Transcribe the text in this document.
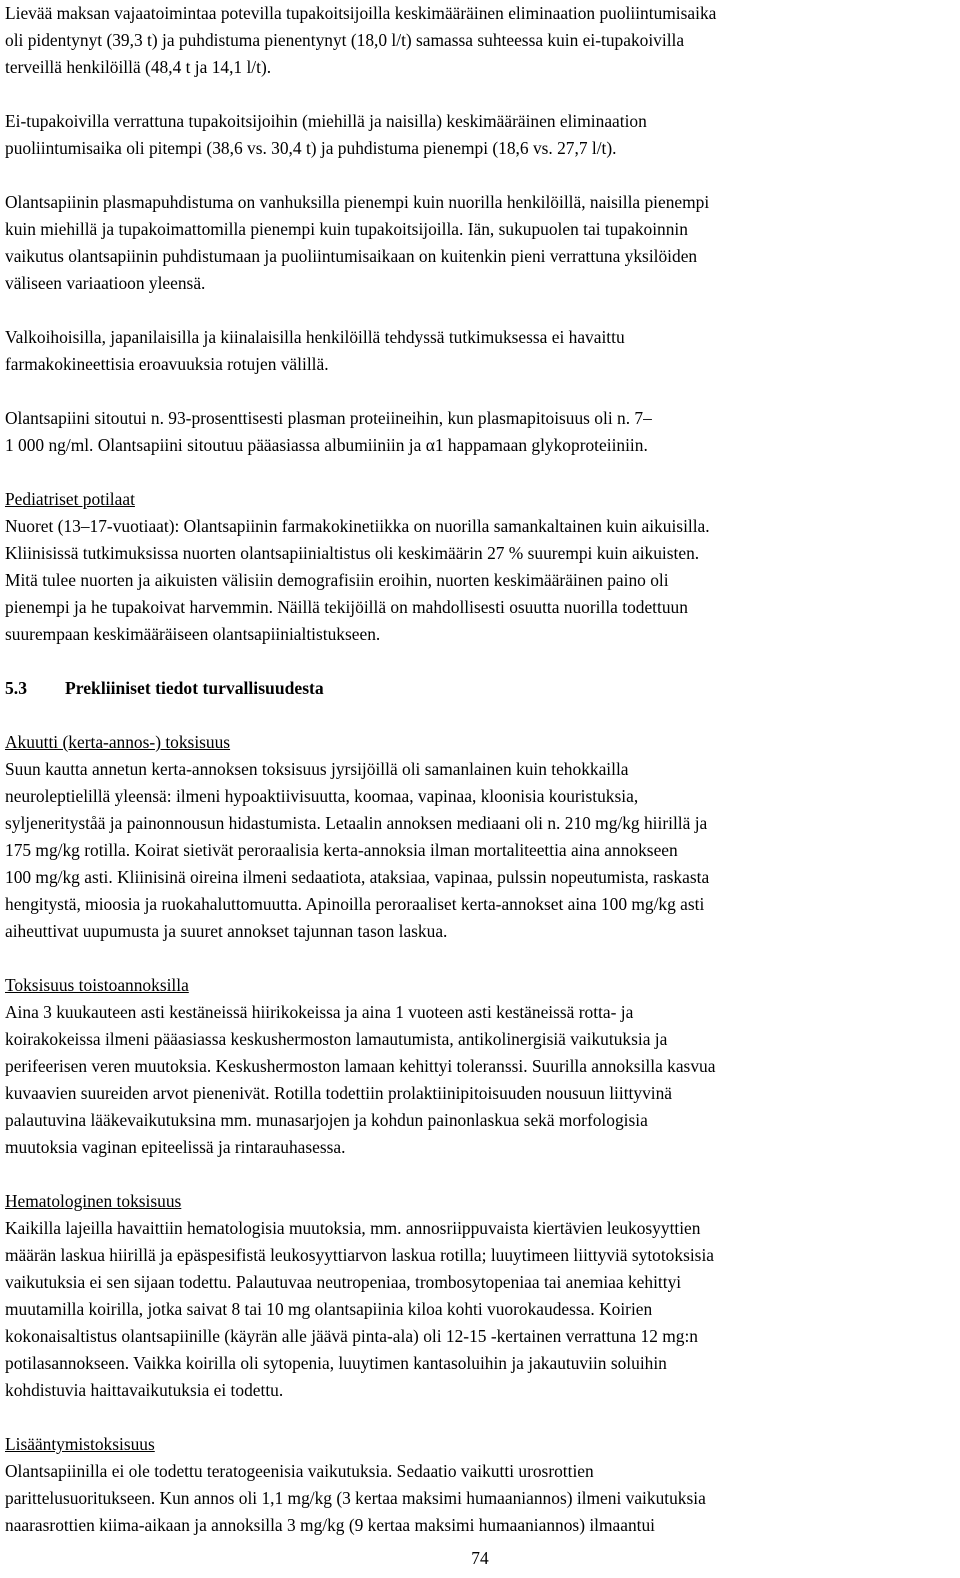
Lievää maksan vajaatoimintaa potevilla tupakoitsijoilla keskimääräinen eliminaation puoliintumisaika
oli pidentynyt (39,3 t) ja puhdistuma pienentynyt (18,0 l/t) samassa suhteessa kuin ei-tupakoivilla
terveillä henkilöillä (48,4 t ja 14,1 l/t).
Ei-tupakoivilla verrattuna tupakoitsijoihin (miehillä ja naisilla) keskimääräinen eliminaation
puoliintumisaika oli pitempi (38,6 vs. 30,4 t) ja puhdistuma pienempi (18,6 vs. 27,7 l/t).
Olantsapiinin plasmapuhdistuma on vanhuksilla pienempi kuin nuorilla henkilöillä, naisilla pienempi
kuin miehillä ja tupakoimattomilla pienempi kuin tupakoitsijoilla. Iän, sukupuolen tai tupakoinnin
vaikutus olantsapiinin puhdistumaan ja puoliintumisaikaan on kuitenkin pieni verrattuna yksilöiden
väliseen variaatioon yleensä.
Valkoihoisilla, japanilaisilla ja kiinalaisilla henkilöillä tehdyssä tutkimuksessa ei havaittu
farmakokineettisia eroavuuksia rotujen välillä.
Olantsapiini sitoutui n. 93-prosenttisesti plasman proteiineihin, kun plasmapitoisuus oli n. 7–
1 000 ng/ml. Olantsapiini sitoutuu pääasiassa albumiiniin ja α1 happamaan glykoproteiiniin.
Pediatriset potilaat
Nuoret (13–17-vuotiaat): Olantsapiinin farmakokinetiikka on nuorilla samankaltainen kuin aikuisilla.
Kliinisissä tutkimuksissa nuorten olantsapiinialtistus oli keskimäärin 27 % suurempi kuin aikuisten.
Mitä tulee nuorten ja aikuisten välisiin demografisiin eroihin, nuorten keskimääräinen paino oli
pienempi ja he tupakoivat harvemmin. Näillä tekijöillä on mahdollisesti osuutta nuorilla todettuun
suurempaan keskimääräiseen olantsapiinialtistukseen.
5.3 Prekliiniset tiedot turvallisuudesta
Akuutti (kerta-annos-) toksisuus
Suun kautta annetun kerta-annoksen toksisuus jyrsijöillä oli samanlainen kuin tehokkailla
neuroleptielillä yleensä: ilmeni hypoaktiivisuutta, koomaa, vapinaa, kloonisia kouristuksia,
syljenerityståä ja painonnousun hidastumista. Letaalin annoksen mediaani oli n. 210 mg/kg hiirillä ja
175 mg/kg rotilla. Koirat sietivät peroraalisia kerta-annoksia ilman mortaliteettia aina annokseen
100 mg/kg asti. Kliinisinä oireina ilmeni sedaatiota, ataksiaa, vapinaa, pulssin nopeutumista, raskasta
hengitystä, mioosia ja ruokahaluttomuutta. Apinoilla peroraaliset kerta-annokset aina 100 mg/kg asti
aiheuttivat uupumusta ja suuret annokset tajunnan tason laskua.
Toksisuus toistoannoksilla
Aina 3 kuukauteen asti kestäneissä hiirikokeissa ja aina 1 vuoteen asti kestäneissä rotta- ja
koirakokeissa ilmeni pääasiassa keskushermoston lamautumista, antikolinergisiä vaikutuksia ja
perifeerisen veren muutoksia. Keskushermoston lamaan kehittyi toleranssi. Suurilla annoksilla kasvua
kuvaavien suureiden arvot pienenivät. Rotilla todettiin prolaktiinipitoisuuden nousuun liittyvinä
palautuvina lääkevaikutuksina mm. munasarjojen ja kohdun painonlaskua sekä morfologisia
muutoksia vaginan epiteelissä ja rintarauhasessa.
Hematologinen toksisuus
Kaikilla lajeilla havaittiin hematologisia muutoksia, mm. annosriippuvaista kiertävien leukosyyttien
määrän laskua hiirillä ja epäspesifistä leukosyyttiarvon laskua rotilla; luuytimeen liittyviä sytotoksisia
vaikutuksia ei sen sijaan todettu. Palautuvaa neutropeniaa, trombosytopeniaa tai anemiaa kehittyi
muutamilla koirilla, jotka saivat 8 tai 10 mg olantsapiinia kiloa kohti vuorokaudessa. Koirien
kokonaisaltistus olantsapiinille (käyrän alle jäävä pinta-ala) oli 12-15 -kertainen verrattuna 12 mg:n
potilasannokseen. Vaikka koirilla oli sytopenia, luuytimen kantasoluihin ja jakautuviin soluihin
kohdistuvia haittavaikutuksia ei todettu.
Lisääntymistoksisuus
Olantsapiinilla ei ole todettu teratogeenisia vaikutuksia. Sedaatio vaikutti urosrottien
parittelusuoritukseen. Kun annos oli 1,1 mg/kg (3 kertaa maksimi humaaniannos) ilmeni vaikutuksia
naarasrottien kiima-aikaan ja annoksilla 3 mg/kg (9 kertaa maksimi humaaniannos) ilmaantui
74
